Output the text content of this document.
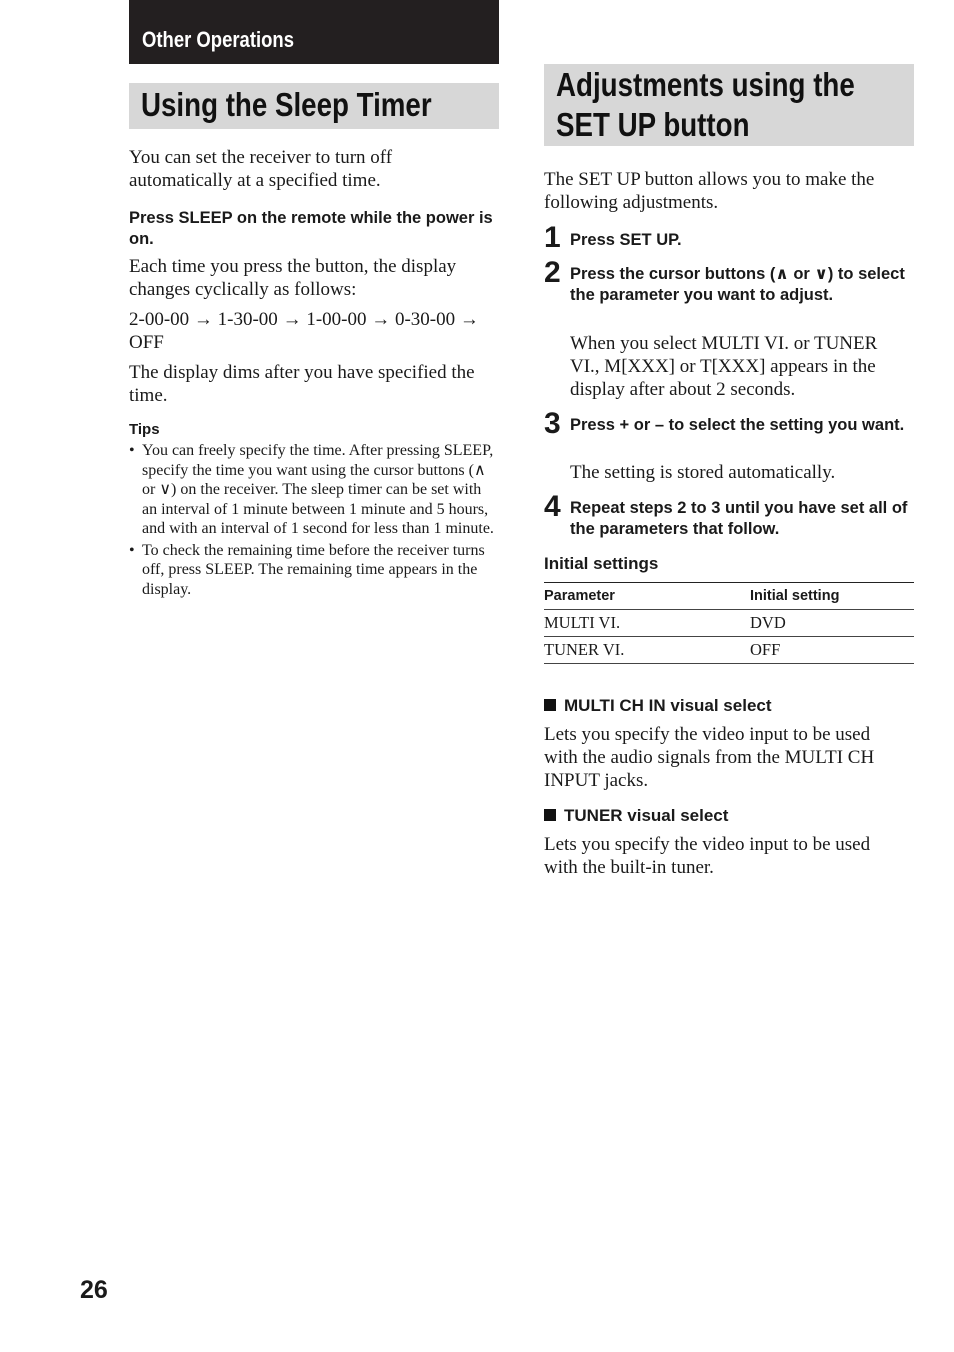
Other Operations
Using the Sleep Timer

You can set the receiver to turn off automatically at a specified time.

Press SLEEP on the remote while the power is on.

Each time you press the button, the display changes cyclically as follows:

2-00-00 → 1-30-00 → 1-00-00 → 0-30-00 → OFF

The display dims after you have specified the time.

Tips

• You can freely specify the time. After pressing SLEEP, specify the time you want using the cursor buttons (∧ or ∨) on the receiver. The sleep timer can be set with an interval of 1 minute between 1 minute and 5 hours, and with an interval of 1 second for less than 1 minute.
• To check the remaining time before the receiver turns off, press SLEEP. The remaining time appears in the display.
Adjustments using the
SET UP button

The SET UP button allows you to make the following adjustments.

1 Press SET UP.

2 Press the cursor buttons (∧ or ∨) to select the parameter you want to adjust.

When you select MULTI VI. or TUNER VI., M[XXX] or T[XXX] appears in the display after about 2 seconds.

3 Press + or – to select the setting you want.

The setting is stored automatically.

4 Repeat steps 2 to 3 until you have set all of the parameters that follow.

Initial settings

Parameter	Initial setting
MULTI VI.	DVD
TUNER VI.	OFF
MULTI CH IN visual select

Lets you specify the video input to be used with the audio signals from the MULTI CH INPUT jacks.

TUNER visual select

Lets you specify the video input to be used with the built-in tuner.

26
